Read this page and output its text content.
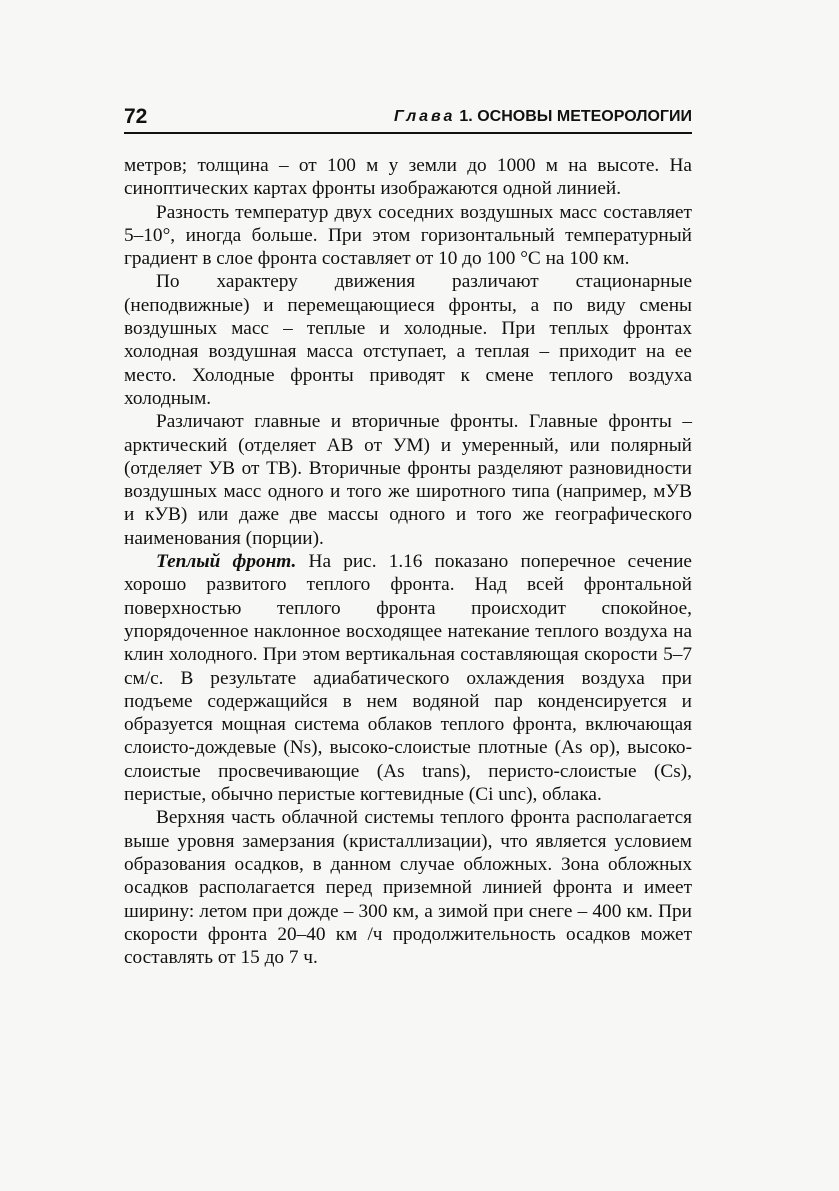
72	Глава 1. ОСНОВЫ МЕТЕОРОЛОГИИ

метров; толщина – от 100 м у земли до 1000 м на высоте. На синоптических картах фронты изображаются одной линией.

Разность температур двух соседних воздушных масс составляет 5–10°, иногда больше. При этом горизонтальный температурный градиент в слое фронта составляет от 10 до 100 °С на 100 км.

По характеру движения различают стационарные (неподвижные) и перемещающиеся фронты, а по виду смены воздушных масс – теплые и холодные. При теплых фронтах холодная воздушная масса отступает, а теплая – приходит на ее место. Холодные фронты приводят к смене теплого воздуха холодным.

Различают главные и вторичные фронты. Главные фронты – арктический (отделяет АВ от УМ) и умеренный, или полярный (отделяет УВ от ТВ). Вторичные фронты разделяют разновидности воздушных масс одного и того же широтного типа (например, мУВ и кУВ) или даже две массы одного и того же географического наименования (порции).

Теплый фронт. На рис. 1.16 показано поперечное сечение хорошо развитого теплого фронта. Над всей фронтальной поверхностью теплого фронта происходит спокойное, упорядоченное наклонное восходящее натекание теплого воздуха на клин холодного. При этом вертикальная составляющая скорости 5–7 см/с. В результате адиабатического охлаждения воздуха при подъеме содержащийся в нем водяной пар конденсируется и образуется мощная система облаков теплого фронта, включающая слоисто-дождевые (Ns), высоко-слоистые плотные (As op), высоко-слоистые просвечивающие (As trans), перисто-слоистые (Cs), перистые, обычно перистые когтевидные (Ci unc), облака.

Верхняя часть облачной системы теплого фронта располагается выше уровня замерзания (кристаллизации), что является условием образования осадков, в данном случае обложных. Зона обложных осадков располагается перед приземной линией фронта и имеет ширину: летом при дожде – 300 км, а зимой при снеге – 400 км. При скорости фронта 20–40 км /ч продолжительность осадков может составлять от 15 до 7 ч.
